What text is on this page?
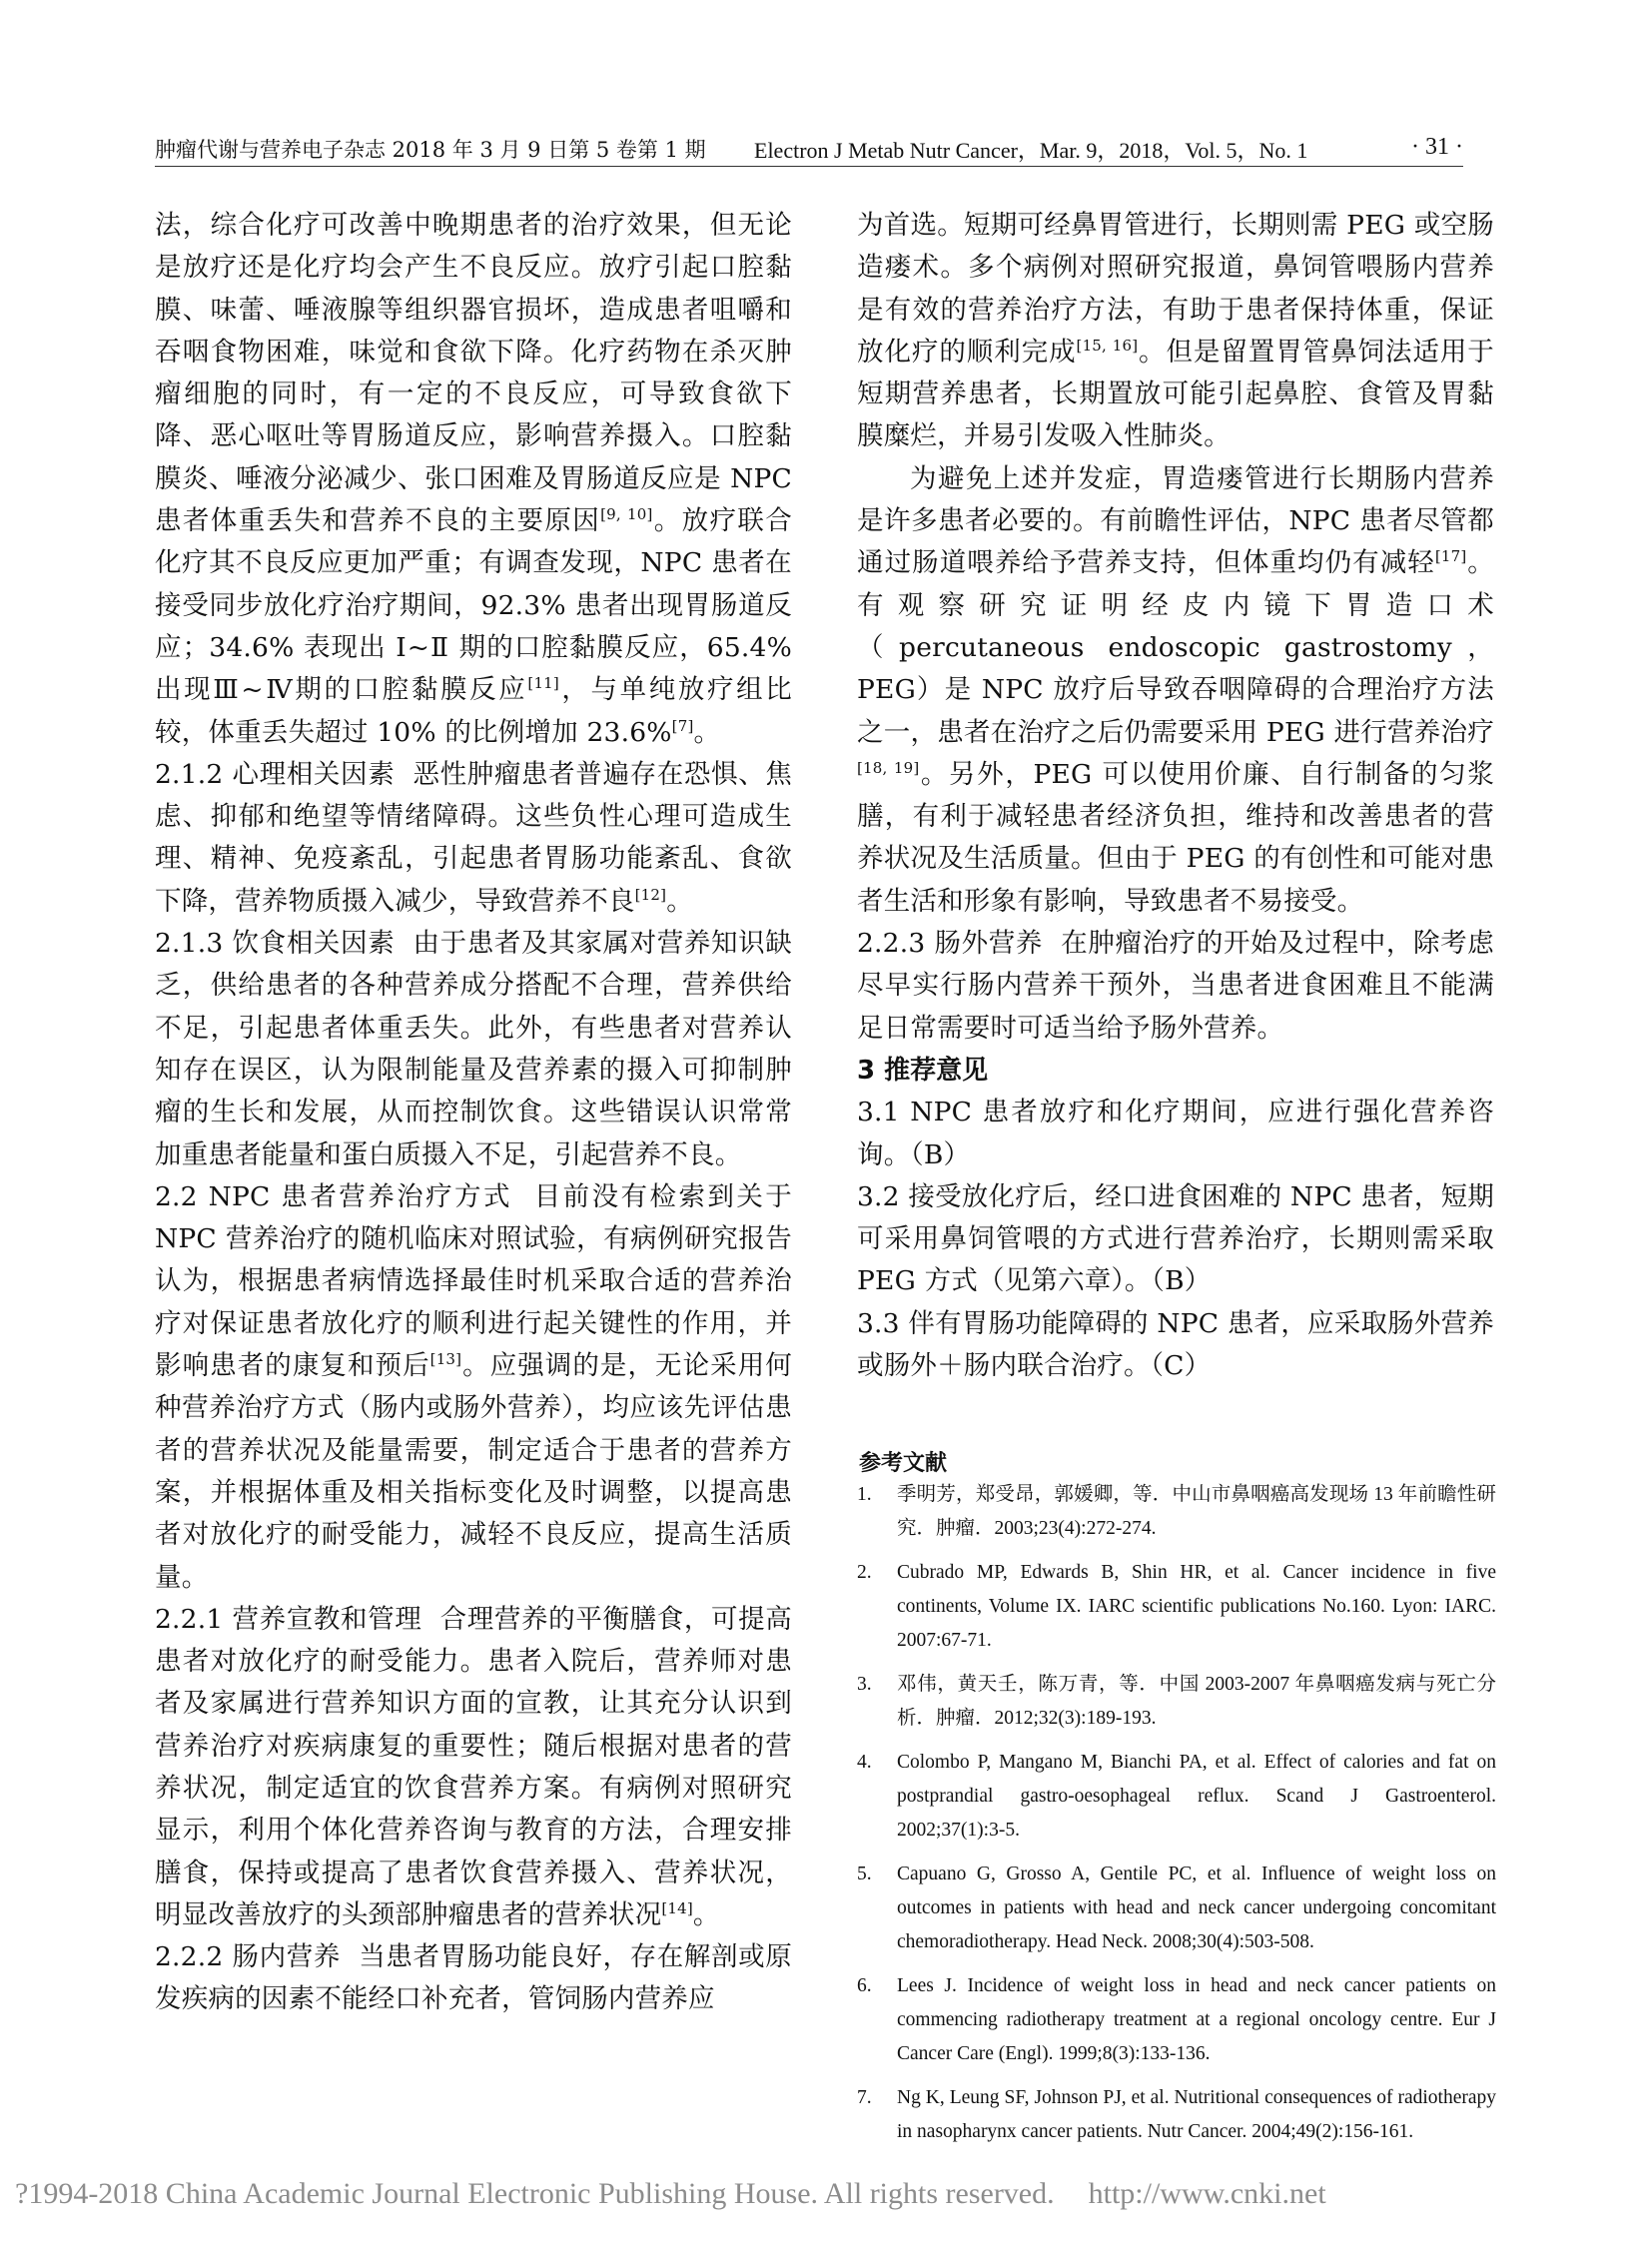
肿瘤代谢与营养电子杂志 2018 年 3 月 9 日第 5 卷第 1 期 Electron J Metab Nutr Cancer，Mar. 9，2018，Vol. 5，No. 1	· 31 ·

法，综合化疗可改善中晚期患者的治疗效果，但无论是放疗还是化疗均会产生不良反应。放疗引起口腔黏膜、味蕾、唾液腺等组织器官损坏，造成患者咀嚼和吞咽食物困难，味觉和食欲下降。化疗药物在杀灭肿瘤细胞的同时，有一定的不良反应，可导致食欲下降、恶心呕吐等胃肠道反应，影响营养摄入。口腔黏膜炎、唾液分泌减少、张口困难及胃肠道反应是 NPC 患者体重丢失和营养不良的主要原因[9, 10]。放疗联合化疗其不良反应更加严重；有调查发现，NPC 患者在接受同步放化疗治疗期间，92.3% 患者出现胃肠道反应；34.6% 表现出 Ⅰ~Ⅱ 期的口腔黏膜反应，65.4% 出现Ⅲ~Ⅳ期的口腔黏膜反应[11]，与单纯放疗组比较，体重丢失超过 10% 的比例增加 23.6%[7]。

2.1.2 心理相关因素 恶性肿瘤患者普遍存在恐惧、焦虑、抑郁和绝望等情绪障碍。这些负性心理可造成生理、精神、免疫紊乱，引起患者胃肠功能紊乱、食欲下降，营养物质摄入减少，导致营养不良[12]。

2.1.3 饮食相关因素 由于患者及其家属对营养知识缺乏，供给患者的各种营养成分搭配不合理，营养供给不足，引起患者体重丢失。此外，有些患者对营养认知存在误区，认为限制能量及营养素的摄入可抑制肿瘤的生长和发展，从而控制饮食。这些错误认识常常加重患者能量和蛋白质摄入不足，引起营养不良。

2.2 NPC 患者营养治疗方式 目前没有检索到关于 NPC 营养治疗的随机临床对照试验，有病例研究报告认为，根据患者病情选择最佳时机采取合适的营养治疗对保证患者放化疗的顺利进行起关键性的作用，并影响患者的康复和预后[13]。应强调的是，无论采用何种营养治疗方式（肠内或肠外营养），均应该先评估患者的营养状况及能量需要，制定适合于患者的营养方案，并根据体重及相关指标变化及时调整，以提高患者对放化疗的耐受能力，减轻不良反应，提高生活质量。

2.2.1 营养宣教和管理 合理营养的平衡膳食，可提高患者对放化疗的耐受能力。患者入院后，营养师对患者及家属进行营养知识方面的宣教，让其充分认识到营养治疗对疾病康复的重要性；随后根据对患者的营养状况，制定适宜的饮食营养方案。有病例对照研究显示，利用个体化营养咨询与教育的方法，合理安排膳食，保持或提高了患者饮食营养摄入、营养状况，明显改善放疗的头颈部肿瘤患者的营养状况[14]。

2.2.2 肠内营养 当患者胃肠功能良好，存在解剖或原发疾病的因素不能经口补充者，管饲肠内营养应

为首选。短期可经鼻胃管进行，长期则需 PEG 或空肠造瘘术。多个病例对照研究报道，鼻饲管喂肠内营养是有效的营养治疗方法，有助于患者保持体重，保证放化疗的顺利完成[15, 16]。但是留置胃管鼻饲法适用于短期营养患者，长期置放可能引起鼻腔、食管及胃黏膜糜烂，并易引发吸入性肺炎。

为避免上述并发症，胃造瘘管进行长期肠内营养是许多患者必要的。有前瞻性评估，NPC 患者尽管都通过肠道喂养给予营养支持，但体重均仍有减轻[17]。有观察研究证明经皮内镜下胃造口术（percutaneous endoscopic gastrostomy，PEG）是 NPC 放疗后导致吞咽障碍的合理治疗方法之一，患者在治疗之后仍需要采用 PEG 进行营养治疗[18, 19]。另外，PEG 可以使用价廉、自行制备的匀浆膳，有利于减轻患者经济负担，维持和改善患者的营养状况及生活质量。但由于 PEG 的有创性和可能对患者生活和形象有影响，导致患者不易接受。

2.2.3 肠外营养 在肿瘤治疗的开始及过程中，除考虑尽早实行肠内营养干预外，当患者进食困难且不能满足日常需要时可适当给予肠外营养。

3 推荐意见

3.1 NPC 患者放疗和化疗期间，应进行强化营养咨询。（B）

3.2 接受放化疗后，经口进食困难的 NPC 患者，短期可采用鼻饲管喂的方式进行营养治疗，长期则需采取 PEG 方式（见第六章）。（B）

3.3 伴有胃肠功能障碍的 NPC 患者，应采取肠外营养或肠外＋肠内联合治疗。（C）

参考文献

1. 季明芳，郑受昂，郭媛卿，等．中山市鼻咽癌高发现场 13 年前瞻性研究．肿瘤．2003;23(4):272-274.
2. Cubrado MP, Edwards B, Shin HR, et al. Cancer incidence in five continents, Volume IX. IARC scientific publications No.160. Lyon: IARC. 2007:67-71.
3. 邓伟，黄天壬，陈万青，等．中国 2003-2007 年鼻咽癌发病与死亡分析．肿瘤．2012;32(3):189-193.
4. Colombo P, Mangano M, Bianchi PA, et al. Effect of calories and fat on postprandial gastro-oesophageal reflux. Scand J Gastroenterol. 2002;37(1):3-5.
5. Capuano G, Grosso A, Gentile PC, et al. Influence of weight loss on outcomes in patients with head and neck cancer undergoing concomitant chemoradiotherapy. Head Neck. 2008;30(4):503-508.
6. Lees J. Incidence of weight loss in head and neck cancer patients on commencing radiotherapy treatment at a regional oncology centre. Eur J Cancer Care (Engl). 1999;8(3):133-136.
7. Ng K, Leung SF, Johnson PJ, et al. Nutritional consequences of radiotherapy in nasopharynx cancer patients. Nutr Cancer. 2004;49(2):156-161.
?1994-2018 China Academic Journal Electronic Publishing House. All rights reserved. http://www.cnki.net
